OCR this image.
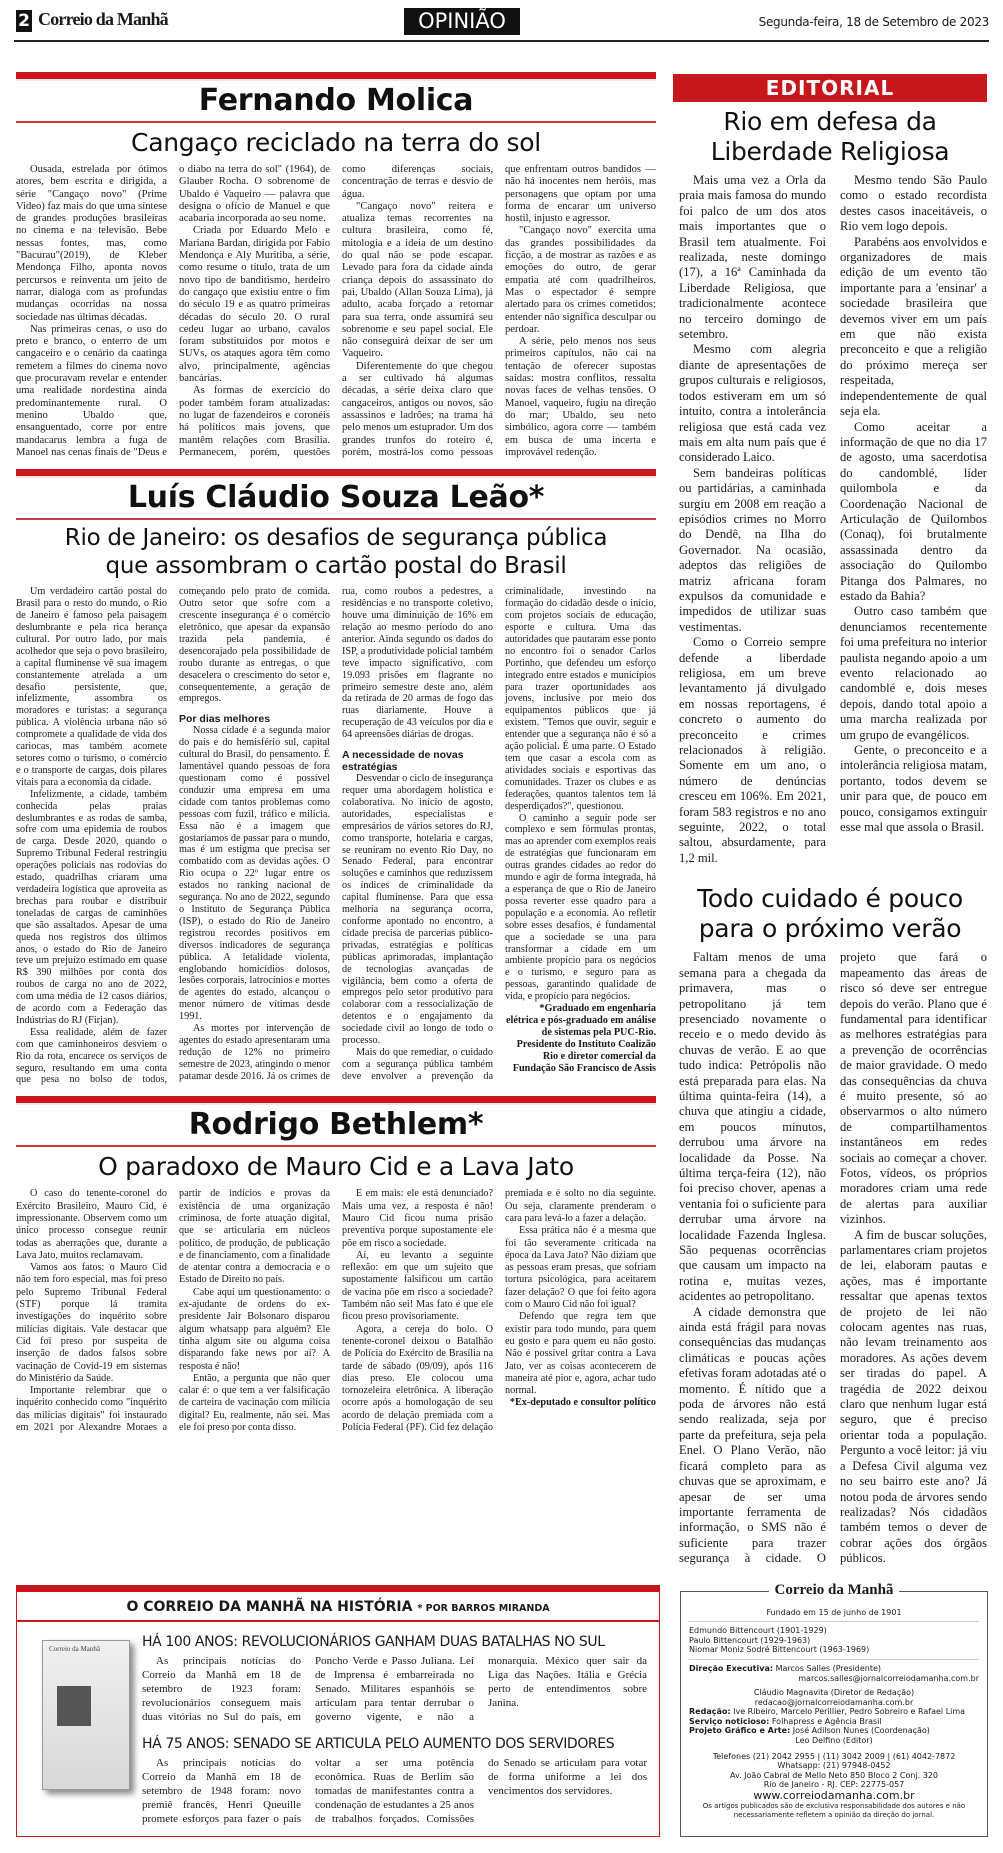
2 Correio da Manhã	OPINIÃO	Segunda-feira, 18 de Setembro de 2023
Fernando Molica
Cangaço reciclado na terra do sol

Ousada, estrelada por ótimos atores, bem escrita e dirigida, a série "Cangaço novo" (Prime Video) faz mais do que uma síntese de grandes produções brasileiras no cinema e na televisão. Bebe nessas fontes, mas, como "Bacurau"(2019), de Kleber Mendonça Filho, aponta novos percursos e reinventa um jeito de narrar, dialoga com as profundas mudanças ocorridas na nossa sociedade nas últimas décadas.

Nas primeiras cenas, o uso do preto e branco, o enterro de um cangaceiro e o cenário da caatinga remetem a filmes do cinema novo que procuravam revelar e entender uma realidade nordestina ainda predominantemente rural. O menino Ubaldo que, ensanguentado, corre por entre mandacarus lembra a fuga de Manoel nas cenas finais de "Deus e o diabo na terra do sol" (1964), de Glauber Rocha. O sobrenome de Ubaldo é Vaqueiro — palavra que designa o ofício de Manuel e que acabaria incorporada ao seu nome.

Criada por Eduardo Melo e Mariana Bardan, dirigida por Fabio Mendonça e Aly Muritiba, a série, como resume o título, trata de um novo tipo de banditismo, herdeiro do cangaço que existiu entre o fim do século 19 e as quatro primeiras décadas do século 20. O rural cedeu lugar ao urbano, cavalos foram substituídos por motos e SUVs, os ataques agora têm como alvo, principalmente, agências bancárias.

As formas de exercício do poder também foram atualizadas: no lugar de fazendeiros e coronéis há políticos mais jovens, que mantêm relações com Brasília. Permanecem, porém, questões como diferenças sociais, concentração de terras e desvio de água.

"Cangaço novo" reitera e atualiza temas recorrentes na cultura brasileira, como fé, mitologia e a ideia de um destino do qual não se pode escapar. Levado para fora da cidade ainda criança depois do assassinato do pai, Ubaldo (Allan Souza Lima), já adulto, acaba forçado a retornar para sua terra, onde assumirá seu sobrenome e seu papel social. Ele não conseguirá deixar de ser um Vaqueiro.

Diferentemente do que chegou a ser cultivado há algumas décadas, a série deixa claro que cangaceiros, antigos ou novos, são assassinos e ladrões; na trama há pelo menos um estuprador. Um dos grandes trunfos do roteiro é, porém, mostrá-los como pessoas que enfrentam outros bandidos — não há inocentes nem heróis, mas personagens que optam por uma forma de encarar um universo hostil, injusto e agressor.

"Cangaço novo" exercita uma das grandes possibilidades da ficção, a de mostrar as razões e as emoções do outro, de gerar empatia até com quadrilheiros. Mas o espectador é sempre alertado para os crimes cometidos; entender não significa desculpar ou perdoar.

A série, pelo menos nos seus primeiros capítulos, não cai na tentação de oferecer supostas saídas: mostra conflitos, ressalta novas faces de velhas tensões. O Manoel, vaqueiro, fugiu na direção do mar; Ubaldo, seu neto simbólico, agora corre — também em busca de uma incerta e improvável redenção.

Luís Cláudio Souza Leão*
Rio de Janeiro: os desafios de segurança pública que assombram o cartão postal do Brasil

Um verdadeiro cartão postal do Brasil para o resto do mundo, o Rio de Janeiro é famoso pela paisagem deslumbrante e pela rica herança cultural. Por outro lado, por mais acolhedor que seja o povo brasileiro, a capital fluminense vê sua imagem constantemente atrelada a um desafio persistente, que, infelizmente, assombra os moradores e turistas: a segurança pública. A violência urbana não só compromete a qualidade de vida dos cariocas, mas também acomete setores como o turismo, o comércio e o transporte de cargas, dois pilares vitais para a economia da cidade.

Infelizmente, a cidade, também conhecida pelas praias deslumbrantes e as rodas de samba, sofre com uma epidemia de roubos de carga. Desde 2020, quando o Supremo Tribunal Federal restringiu operações policiais nas rodovias do estado, quadrilhas criaram uma verdadeira logística que aproveita as brechas para roubar e distribuir toneladas de cargas de caminhões que são assaltados. Apesar de uma queda nos registros dos últimos anos, o estado do Rio de Janeiro teve um prejuízo estimado em quase R$ 390 milhões por conta dos roubos de carga no ano de 2022, com uma média de 12 casos diários, de acordo com a Federação das Indústrias do RJ (Firjan).

Essa realidade, além de fazer com que caminhoneiros desviem o Rio da rota, encarece os serviços de seguro, resultando em uma conta que pesa no bolso de todos, começando pelo prato de comida. Outro setor que sofre com a crescente insegurança é o comércio eletrônico, que apesar da expansão trazida pela pandemia, é desencorajado pela possibilidade de roubo durante as entregas, o que desacelera o crescimento do setor e, consequentemente, a geração de empregos.

Por dias melhores

Nossa cidade é a segunda maior do país e do hemisfério sul, capital cultural do Brasil, do pensamento. É lamentável quando pessoas de fora questionam como é possível conduzir uma empresa em uma cidade com tantos problemas como pessoas com fuzil, tráfico e milícia. Essa não é a imagem que gostaríamos de passar para o mundo, mas é um estigma que precisa ser combatido com as devidas ações. O Rio ocupa o 22º lugar entre os estados no ranking nacional de segurança. No ano de 2022, segundo o Instituto de Segurança Pública (ISP), o estado do Rio de Janeiro registrou recordes positivos em diversos indicadores de segurança pública. A letalidade violenta, englobando homicídios dolosos, lesões corporais, latrocínios e mortes de agentes do estado, alcançou o menor número de vítimas desde 1991.

As mortes por intervenção de agentes do estado apresentaram uma redução de 12% no primeiro semestre de 2023, atingindo o menor patamar desde 2016. Já os crimes de rua, como roubos a pedestres, a residências e no transporte coletivo, houve uma diminuição de 16% em relação ao mesmo período do ano anterior. Ainda segundo os dados do ISP, a produtividade policial também teve impacto significativo, com 19.093 prisões em flagrante no primeiro semestre deste ano, além da retirada de 20 armas de fogo das ruas diariamente. Houve a recuperação de 43 veículos por dia e 64 apreensões diárias de drogas.

A necessidade de novas estratégias

Desvendar o ciclo de insegurança requer uma abordagem holística e colaborativa. No início de agosto, autoridades, especialistas e empresários de vários setores do RJ, como transporte, hotelaria e cargas, se reuniram no evento Rio Day, no Senado Federal, para encontrar soluções e caminhos que reduzissem os índices de criminalidade da capital fluminense. Para que essa melhoria na segurança ocorra, conforme apontado no encontro, a cidade precisa de parcerias público-privadas, estratégias e políticas públicas aprimoradas, implantação de tecnologias avançadas de vigilância, bem como a oferta de empregos pelo setor produtivo para colaborar com a ressocialização de detentos e o engajamento da sociedade civil ao longo de todo o processo.

Mais do que remediar, o cuidado com a segurança pública também deve envolver a prevenção da criminalidade, investindo na formação do cidadão desde o início, com projetos sociais de educação, esporte e cultura. Uma das autoridades que pautaram esse ponto no encontro foi o senador Carlos Portinho, que defendeu um esforço integrado entre estados e municípios para trazer oportunidades aos jovens, inclusive por meio dos equipamentos públicos que já existem. "Temos que ouvir, seguir e entender que a segurança não é só a ação policial. É uma parte. O Estado tem que casar a escola com as atividades sociais e esportivas das comunidades. Trazer os clubes e as federações, quantos talentos tem lá desperdiçados?", questionou.

O caminho a seguir pode ser complexo e sem fórmulas prontas, mas ao aprender com exemplos reais de estratégias que funcionaram em outras grandes cidades ao redor do mundo e agir de forma integrada, há a esperança de que o Rio de Janeiro possa reverter esse quadro para a população e a economia. Ao refletir sobre esses desafios, é fundamental que a sociedade se una para transformar a cidade em um ambiente propício para os negócios e o turismo, e seguro para as pessoas, garantindo qualidade de vida, e propício para negócios.

*Graduado em engenharia elétrica e pós-graduado em análise de sistemas pela PUC-Rio. Presidente do Instituto Coalizão Rio e diretor comercial da Fundação São Francisco de Assis

Rodrigo Bethlem*
O paradoxo de Mauro Cid e a Lava Jato

O caso do tenente-coronel do Exército Brasileiro, Mauro Cid, é impressionante. Observem como um único processo consegue reunir todas as aberrações que, durante a Lava Jato, muitos reclamavam.

Vamos aos fatos: o Mauro Cid não tem foro especial, mas foi preso pelo Supremo Tribunal Federal (STF) porque lá tramita investigações do inquérito sobre milícias digitais. Vale destacar que Cid foi preso por suspeita de inserção de dados falsos sobre vacinação de Covid-19 em sistemas do Ministério da Saúde.

Importante relembrar que o inquérito conhecido como "inquérito das milícias digitais" foi instaurado em 2021 por Alexandre Moraes a partir de indícios e provas da existência de uma organização criminosa, de forte atuação digital, que se articularia em núcleos político, de produção, de publicação e de financiamento, com a finalidade de atentar contra a democracia e o Estado de Direito no país.

Cabe aqui um questionamento: o ex-ajudante de ordens do ex-presidente Jair Bolsonaro disparou algum whatsapp para alguém? Ele tinha algum site ou alguma coisa disparando fake news por aí? A resposta é não!

Então, a pergunta que não quer calar é: o que tem a ver falsificação de carteira de vacinação com milícia digital? Eu, realmente, não sei. Mas ele foi preso por conta disso.

E em mais: ele está denunciado? Mais uma vez, a resposta é não! Mauro Cid ficou numa prisão preventiva porque supostamente ele põe em risco a sociedade.

Aí, eu levanto a seguinte reflexão: em que um sujeito que supostamente falsificou um cartão de vacina põe em risco a sociedade? Também não sei! Mas fato é que ele ficou preso provisoriamente.

Agora, a cereja do bolo. O tenente-coronel deixou o Batalhão de Polícia do Exército de Brasília na tarde de sábado (09/09), após 116 dias preso. Ele colocou uma tornozeleira eletrônica. A liberação ocorre após a homologação de seu acordo de delação premiada com a Polícia Federal (PF). Cid fez delação premiada e é solto no dia seguinte. Ou seja, claramente prenderam o cara para levá-lo a fazer a delação.

Essa prática não é a mesma que foi tão severamente criticada na época da Lava Jato? Não diziam que as pessoas eram presas, que sofriam tortura psicológica, para aceitarem fazer delação? O que foi feito agora com o Mauro Cid não foi igual?

Defendo que regra tem que existir para todo mundo, para quem eu gosto e para quem eu não gosto. Não é possível gritar contra a Lava Jato, ver as coisas acontecerem de maneira até pior e, agora, achar tudo normal.

*Ex-deputado e consultor político

EDITORIAL
Rio em defesa da Liberdade Religiosa

Mais uma vez a Orla da praia mais famosa do mundo foi palco de um dos atos mais importantes que o Brasil tem atualmente. Foi realizada, neste domingo (17), a 16ª Caminhada da Liberdade Religiosa, que tradicionalmente acontece no terceiro domingo de setembro.

Mesmo com alegria diante de apresentações de grupos culturais e religiosos, todos estiveram em um só intuito, contra a intolerância religiosa que está cada vez mais em alta num país que é considerado Laico.

Sem bandeiras políticas ou partidárias, a caminhada surgiu em 2008 em reação a episódios crimes no Morro do Dendê, na Ilha do Governador. Na ocasião, adeptos das religiões de matriz africana foram expulsos da comunidade e impedidos de utilizar suas vestimentas.

Como o Correio sempre defende a liberdade religiosa, em um breve levantamento já divulgado em nossas reportagens, é concreto o aumento do preconceito e crimes relacionados à religião. Somente em um ano, o número de denúncias cresceu em 106%. Em 2021, foram 583 registros e no ano seguinte, 2022, o total saltou, absurdamente, para 1,2 mil.

Mesmo tendo São Paulo como o estado recordista destes casos inaceitáveis, o Rio vem logo depois.

Parabéns aos envolvidos e organizadores de mais edição de um evento tão importante para a 'ensinar' a sociedade brasileira que devemos viver em um país em que não exista preconceito e que a religião do próximo mereça ser respeitada, independentemente de qual seja ela.

Como aceitar a informação de que no dia 17 de agosto, uma sacerdotisa do candomblé, líder quilombola e da Coordenação Nacional de Articulação de Quilombos (Conaq), foi brutalmente assassinada dentro da associação do Quilombo Pitanga dos Palmares, no estado da Bahia?

Outro caso também que denunciamos recentemente foi uma prefeitura no interior paulista negando apoio a um evento relacionado ao candomblé e, dois meses depois, dando total apoio a uma marcha realizada por um grupo de evangélicos.

Gente, o preconceito e a intolerância religiosa matam, portanto, todos devem se unir para que, de pouco em pouco, consigamos extinguir esse mal que assola o Brasil.

Todo cuidado é pouco para o próximo verão

Faltam menos de uma semana para a chegada da primavera, mas o petropolitano já tem presenciado novamente o receio e o medo devido às chuvas de verão. E ao que tudo indica: Petrópolis não está preparada para elas. Na última quinta-feira (14), a chuva que atingiu a cidade, em poucos minutos, derrubou uma árvore na localidade da Posse. Na última terça-feira (12), não foi preciso chover, apenas a ventania foi o suficiente para derrubar uma árvore na localidade Fazenda Inglesa. São pequenas ocorrências que causam um impacto na rotina e, muitas vezes, acidentes ao petropolitano.

A cidade demonstra que ainda está frágil para novas consequências das mudanças climáticas e poucas ações efetivas foram adotadas até o momento. É nítido que a poda de árvores não está sendo realizada, seja por parte da prefeitura, seja pela Enel. O Plano Verão, não ficará completo para as chuvas que se aproximam, e apesar de ser uma importante ferramenta de informação, o SMS não é suficiente para trazer segurança à cidade. O projeto que fará o mapeamento das áreas de risco só deve ser entregue depois do verão. Plano que é fundamental para identificar as melhores estratégias para a prevenção de ocorrências de maior gravidade. O medo das consequências da chuva é muito presente, só ao observarmos o alto número de compartilhamentos instantâneos em redes sociais ao começar a chover. Fotos, vídeos, os próprios moradores criam uma rede de alertas para auxiliar vizinhos.

A fim de buscar soluções, parlamentares criam projetos de lei, elaboram pautas e ações, mas é importante ressaltar que apenas textos de projeto de lei não colocam agentes nas ruas, não levam treinamento aos moradores. As ações devem ser tiradas do papel. A tragédia de 2022 deixou claro que nenhum lugar está seguro, que é preciso orientar toda a população. Pergunto a você leitor: já viu a Defesa Civil alguma vez no seu bairro este ano? Já notou poda de árvores sendo realizadas? Nós cidadãos também temos o dever de cobrar ações dos órgãos públicos.

O CORREIO DA MANHÃ NA HISTÓRIA * POR BARROS MIRANDA
Correio da Manhã	HÁ 100 ANOS: REVOLUCIONÁRIOS GANHAM DUAS BATALHAS NO SUL

As principais notícias do Correio da Manhã em 18 de setembro de 1923 foram: revolucionários conseguem mais duas vitórias no Sul do país, em Poncho Verde e Passo Juliana. Lei de Imprensa é embarreirada no Senado. Militares espanhóis se articulam para tentar derrubar o governo vigente, e não a monarquia. México quer sair da Liga das Nações. Itália e Grécia perto de entendimentos sobre Janina.

HÁ 75 ANOS: SENADO SE ARTICULA PELO AUMENTO DOS SERVIDORES

As principais notícias do Correio da Manhã em 18 de setembro de 1948 foram: novo premiê francês, Henri Queuille promete esforços para fazer o país voltar a ser uma potência econômica. Ruas de Berlim são tomadas de manifestantes contra a condenação de estudantes a 25 anos de trabalhos forçados. Comissões do Senado se articulam para votar de forma uniforme a lei dos vencimentos dos servidores.

Correio da Manhã
Fundado em 15 de junho de 1901
Edmundo Bittencourt (1901-1929)
Paulo Bittencourt (1929-1963)
Niomar Moniz Sodré Bittencourt (1963-1969)
Direção Executiva: Marcos Salles (Presidente)
marcos.salles@jornalcorreiodamanha.com.br
Cláudio Magnavita (Diretor de Redação)
redacao@jornalcorreiodamanha.com.br
Redação: Ive Ribeiro, Marcelo Perillier, Pedro Sobreiro e Rafael Lima
Serviço noticioso: Folhapress e Agência Brasil
Projeto Gráfico e Arte: José Adilson Nunes (Coordenação)
Leo Delfino (Editor)
Telefones (21) 2042 2955 | (11) 3042 2009 | (61) 4042-7872
Whatsapp: (21) 97948-0452
Av. João Cabral de Mello Neto 850 Bloco 2 Conj. 320
Rio de Janeiro - RJ. CEP: 22775-057
www.correiodamanha.com.br
Os artigos publicados são de exclusiva responsabilidade dos autores e não necessariamente refletem a opinião da direção do jornal.
